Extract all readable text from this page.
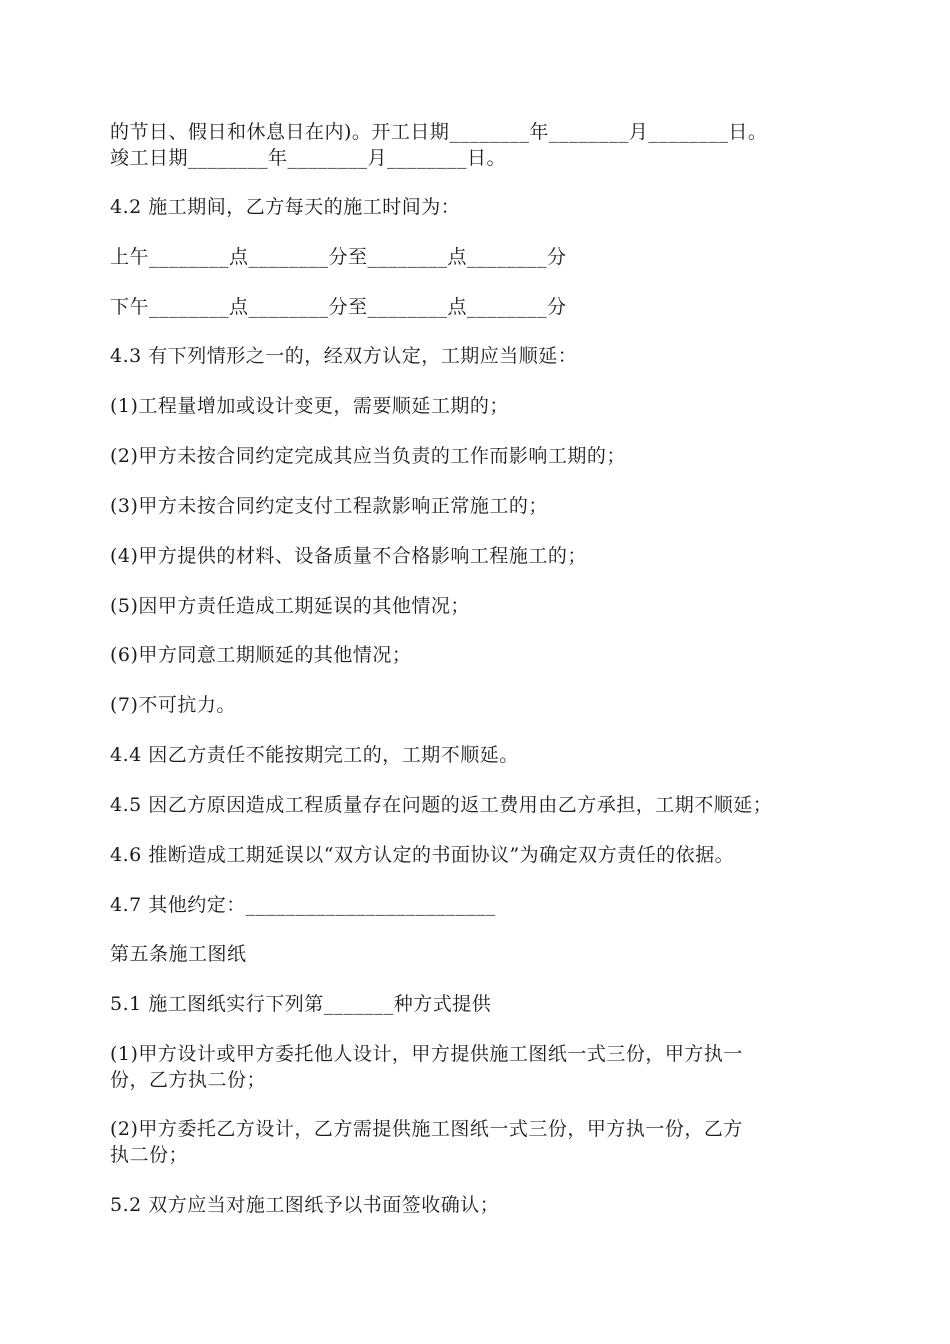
的节日、假日和休息日在内)。开工日期________年________月________日。
竣工日期________年________月________日。
4.2 施工期间，乙方每天的施工时间为：
上午________点________分至________点________分
下午________点________分至________点________分
4.3 有下列情形之一的，经双方认定，工期应当顺延：
(1)工程量增加或设计变更，需要顺延工期的；
(2)甲方未按合同约定完成其应当负责的工作而影响工期的；
(3)甲方未按合同约定支付工程款影响正常施工的；
(4)甲方提供的材料、设备质量不合格影响工程施工的；
(5)因甲方责任造成工期延误的其他情况；
(6)甲方同意工期顺延的其他情况；
(7)不可抗力。
4.4 因乙方责任不能按期完工的，工期不顺延。
4.5 因乙方原因造成工程质量存在问题的返工费用由乙方承担，工期不顺延；
4.6 推断造成工期延误以“双方认定的书面协议”为确定双方责任的依据。
4.7 其他约定：_________________________
第五条施工图纸
5.1 施工图纸实行下列第_______种方式提供
(1)甲方设计或甲方委托他人设计，甲方提供施工图纸一式三份，甲方执一
份，乙方执二份；
(2)甲方委托乙方设计，乙方需提供施工图纸一式三份，甲方执一份，乙方
执二份；
5.2 双方应当对施工图纸予以书面签收确认；
